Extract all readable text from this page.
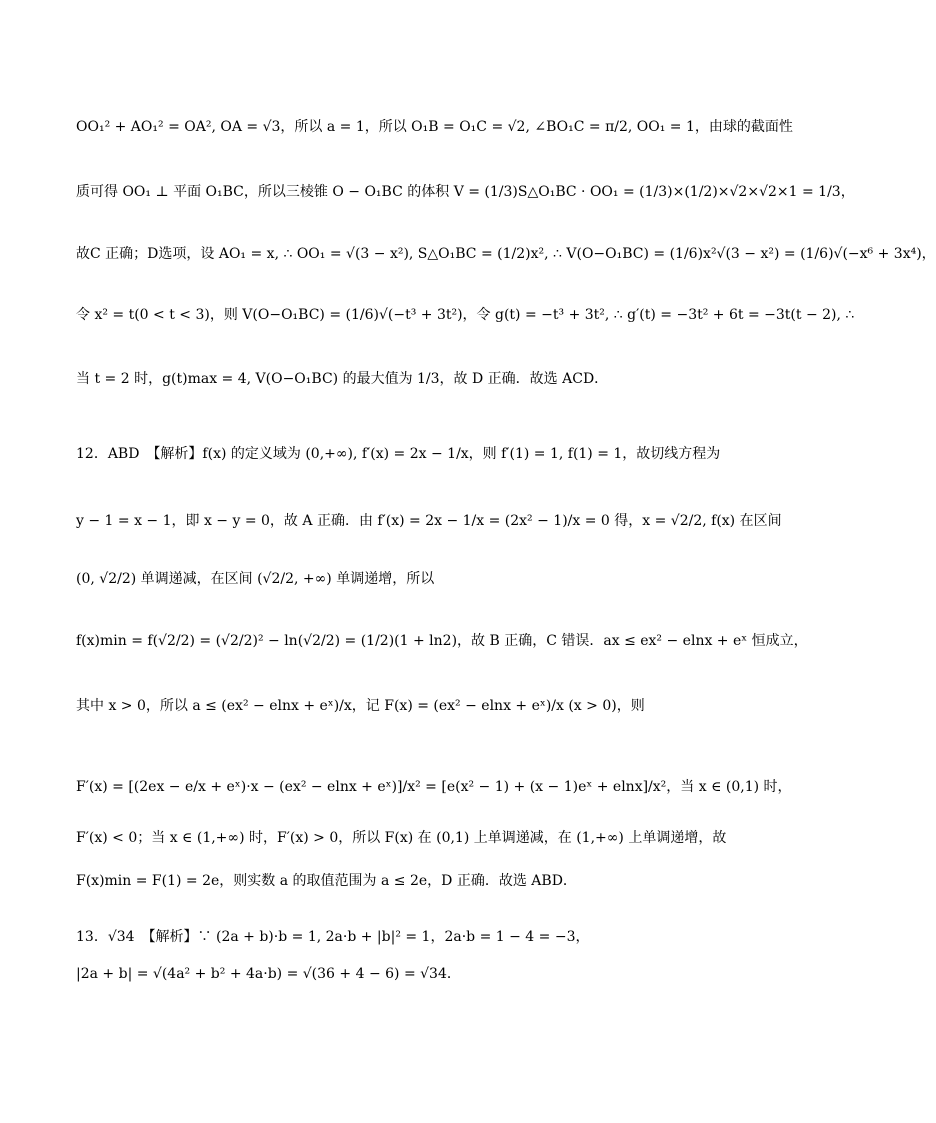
OO₁² + AO₁² = OA², OA = √3，所以 a = 1，所以 O₁B = O₁C = √2, ∠BO₁C = π/2, OO₁ = 1，由球的截面性
质可得 OO₁ ⊥ 平面 O₁BC，所以三棱锥 O − O₁BC 的体积 V = (1/3)S△O₁BC · OO₁ = (1/3)×(1/2)×√2×√2×1 = 1/3，
故C 正确；D选项，设 AO₁ = x, ∴ OO₁ = √(3 − x²), S△O₁BC = (1/2)x², ∴ V(O−O₁BC) = (1/6)x²√(3 − x²) = (1/6)√(−x⁶ + 3x⁴)，
令 x² = t(0 < t < 3)，则 V(O−O₁BC) = (1/6)√(−t³ + 3t²)，令 g(t) = −t³ + 3t², ∴ g′(t) = −3t² + 6t = −3t(t − 2), ∴
当 t = 2 时，g(t)max = 4, V(O−O₁BC) 的最大值为 1/3，故 D 正确．故选 ACD．
12．ABD　【解析】f(x) 的定义域为 (0,+∞), f′(x) = 2x − 1/x，则 f′(1) = 1, f(1) = 1，故切线方程为
y − 1 = x − 1，即 x − y = 0，故 A 正确．由 f′(x) = 2x − 1/x = (2x² − 1)/x = 0 得，x = √2/2, f(x) 在区间
(0, √2/2) 单调递减，在区间 (√2/2, +∞) 单调递增，所以
f(x)min = f(√2/2) = (√2/2)² − ln(√2/2) = (1/2)(1 + ln2)，故 B 正确，C 错误．ax ≤ ex² − elnx + eˣ 恒成立，
其中 x > 0，所以 a ≤ (ex² − elnx + eˣ)/x，记 F(x) = (ex² − elnx + eˣ)/x (x > 0)，则
F′(x) = [(2ex − e/x + eˣ)·x − (ex² − elnx + eˣ)]/x² = [e(x² − 1) + (x − 1)eˣ + elnx]/x²，当 x ∈ (0,1) 时，
F′(x) < 0；当 x ∈ (1,+∞) 时，F′(x) > 0，所以 F(x) 在 (0,1) 上单调递减，在 (1,+∞) 上单调递增，故
F(x)min = F(1) = 2e，则实数 a 的取值范围为 a ≤ 2e，D 正确．故选 ABD．
13．√34　【解析】∵ (2a + b)·b = 1, 2a·b + |b|² = 1，2a·b = 1 − 4 = −3，
|2a + b| = √(4a² + b² + 4a·b) = √(36 + 4 − 6) = √34．
